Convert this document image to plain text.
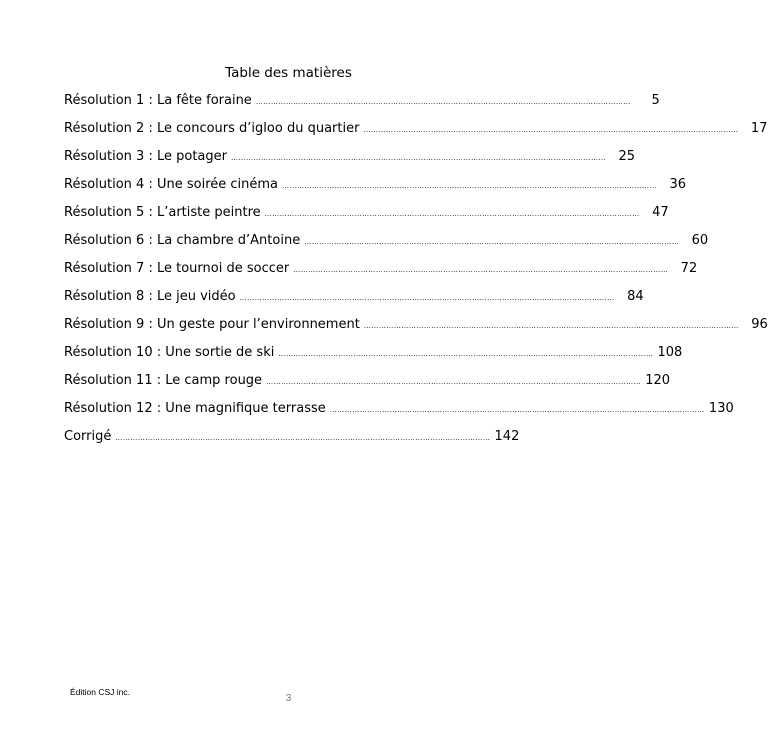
Table des matières
Résolution 1 : La fête foraine ……………………………………………………………………………………………………………………………………	5
Résolution 2 : Le concours d’igloo du quartier …………………………………………………………………………………………………………………………………… 17
Résolution 3 : Le potager …………………………………………………………………………………………………………………………………… 25
Résolution 4 : Une soirée cinéma …………………………………………………………………………………………………………………………………… 36
Résolution 5 : L’artiste peintre …………………………………………………………………………………………………………………………………… 47
Résolution 6 : La chambre d’Antoine …………………………………………………………………………………………………………………………………… 60
Résolution 7 : Le tournoi de soccer …………………………………………………………………………………………………………………………………… 72
Résolution 8 : Le jeu vidéo …………………………………………………………………………………………………………………………………… 84
Résolution 9 : Un geste pour l’environnement …………………………………………………………………………………………………………………………………… 96
Résolution 10 : Une sortie de ski …………………………………………………………………………………………………………………………………… 108
Résolution 11 : Le camp rouge …………………………………………………………………………………………………………………………………… 120
Résolution 12 : Une magnifique terrasse …………………………………………………………………………………………………………………………………… 130
Corrigé …………………………………………………………………………………………………………………………………… 142
Édition CSJ inc.
3
